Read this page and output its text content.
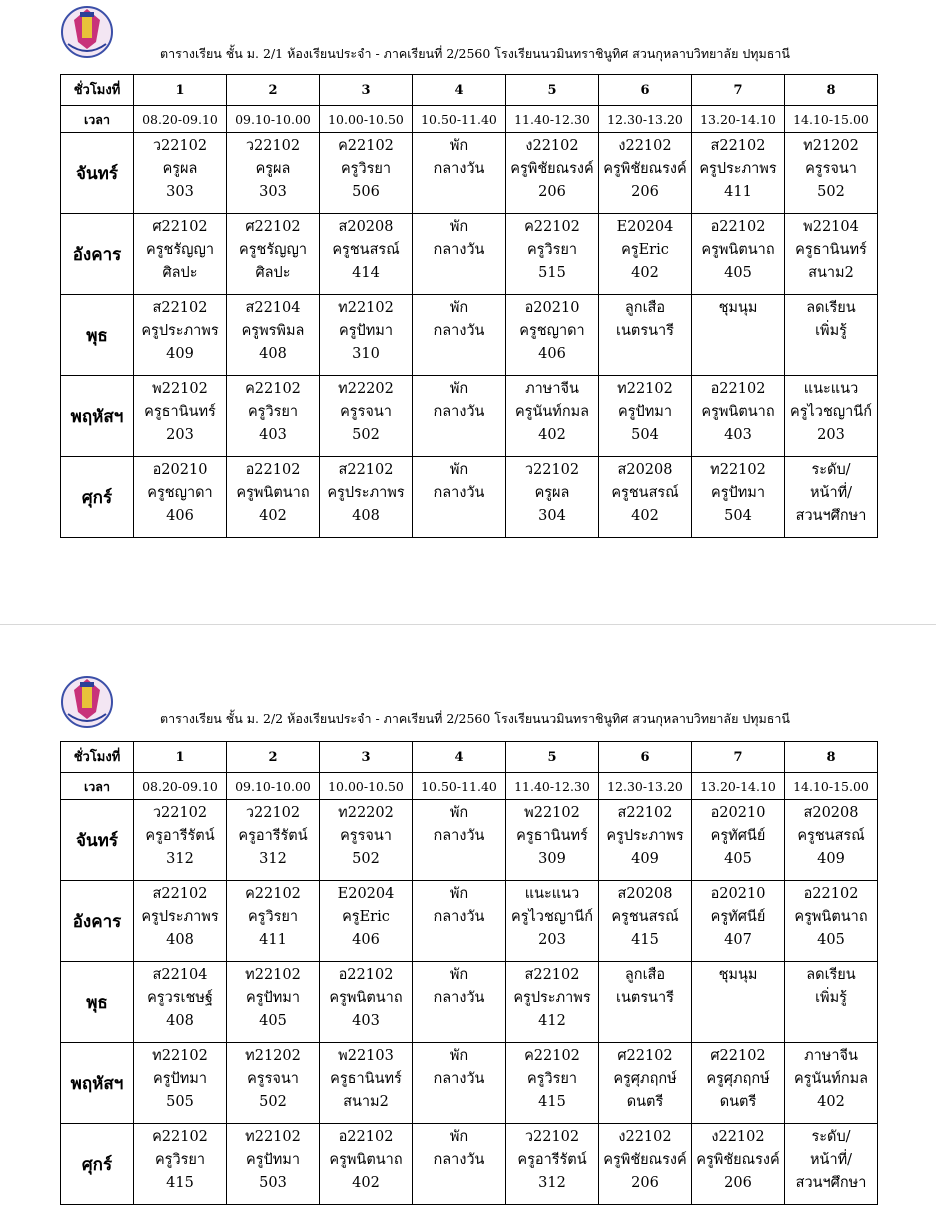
ตารางเรียน ชั้น ม. 2/1 ห้องเรียนประจำ - ภาคเรียนที่ 2/2560 โรงเรียนนวมินทราชินูทิศ สวนกุหลาบวิทยาลัย ปทุมธานี
ชั่วโมงที่	1	2	3	4	5	6	7	8
เวลา	08.20-09.10	09.10-10.00	10.00-10.50	10.50-11.40	11.40-12.30	12.30-13.20	13.20-14.10	14.10-15.00
จันทร์	ว22102
ครูผล
303	ว22102
ครูผล
303	ค22102
ครูวิรยา
506	พัก
กลางวัน	ง22102
ครูพิชัยณรงค์
206	ง22102
ครูพิชัยณรงค์
206	ส22102
ครูประภาพร
411	ท21202
ครูรจนา
502

อังคาร	ศ22102
ครูชรัญญา
ศิลปะ	ศ22102
ครูชรัญญา
ศิลปะ	ส20208
ครูชนสรณ์
414	พัก
กลางวัน	ค22102
ครูวิรยา
515	E20204
ครูEric
402	อ22102
ครูพนิตนาถ
405	พ22104
ครูธานินทร์
สนาม2

พุธ	ส22102
ครูประภาพร
409	ส22104
ครูพรพิมล
408	ท22102
ครูปัทมา
310	พัก
กลางวัน	อ20210
ครูชญาดา
406	ลูกเสือ
เนตรนารี	ชุมนุม	ลดเรียน
เพิ่มรู้

พฤหัสฯ	พ22102
ครูธานินทร์
203	ค22102
ครูวิรยา
403	ท22202
ครูรจนา
502	พัก
กลางวัน	ภาษาจีน
ครูนันท์กมล
402	ท22102
ครูปัทมา
504	อ22102
ครูพนิตนาถ
403	แนะแนว
ครูไวชญานีก์
203

ศุกร์	อ20210
ครูชญาดา
406	อ22102
ครูพนิตนาถ
402	ส22102
ครูประภาพร
408	พัก
กลางวัน	ว22102
ครูผล
304	ส20208
ครูชนสรณ์
402	ท22102
ครูปัทมา
504	ระดับ/
หน้าที่/
สวนฯศึกษา
ตารางเรียน ชั้น ม. 2/2 ห้องเรียนประจำ - ภาคเรียนที่ 2/2560 โรงเรียนนวมินทราชินูทิศ สวนกุหลาบวิทยาลัย ปทุมธานี
ชั่วโมงที่	1	2	3	4	5	6	7	8
เวลา	08.20-09.10	09.10-10.00	10.00-10.50	10.50-11.40	11.40-12.30	12.30-13.20	13.20-14.10	14.10-15.00
จันทร์	ว22102
ครูอารีรัตน์
312	ว22102
ครูอารีรัตน์
312	ท22202
ครูรจนา
502	พัก
กลางวัน	พ22102
ครูธานินทร์
309	ส22102
ครูประภาพร
409	อ20210
ครูทัศนีย์
405	ส20208
ครูชนสรณ์
409

อังคาร	ส22102
ครูประภาพร
408	ค22102
ครูวิรยา
411	E20204
ครูEric
406	พัก
กลางวัน	แนะแนว
ครูไวชญานีก์
203	ส20208
ครูชนสรณ์
415	อ20210
ครูทัศนีย์
407	อ22102
ครูพนิตนาถ
405

พุธ	ส22104
ครูวรเชษฐ์
408	ท22102
ครูปัทมา
405	อ22102
ครูพนิตนาถ
403	พัก
กลางวัน	ส22102
ครูประภาพร
412	ลูกเสือ
เนตรนารี	ชุมนุม	ลดเรียน
เพิ่มรู้

พฤหัสฯ	ท22102
ครูปัทมา
505	ท21202
ครูรจนา
502	พ22103
ครูธานินทร์
สนาม2	พัก
กลางวัน	ค22102
ครูวิรยา
415	ศ22102
ครูศุภฤกษ์
ดนตรี	ศ22102
ครูศุภฤกษ์
ดนตรี	ภาษาจีน
ครูนันท์กมล
402

ศุกร์	ค22102
ครูวิรยา
415	ท22102
ครูปัทมา
503	อ22102
ครูพนิตนาถ
402	พัก
กลางวัน	ว22102
ครูอารีรัตน์
312	ง22102
ครูพิชัยณรงค์
206	ง22102
ครูพิชัยณรงค์
206	ระดับ/
หน้าที่/
สวนฯศึกษา
